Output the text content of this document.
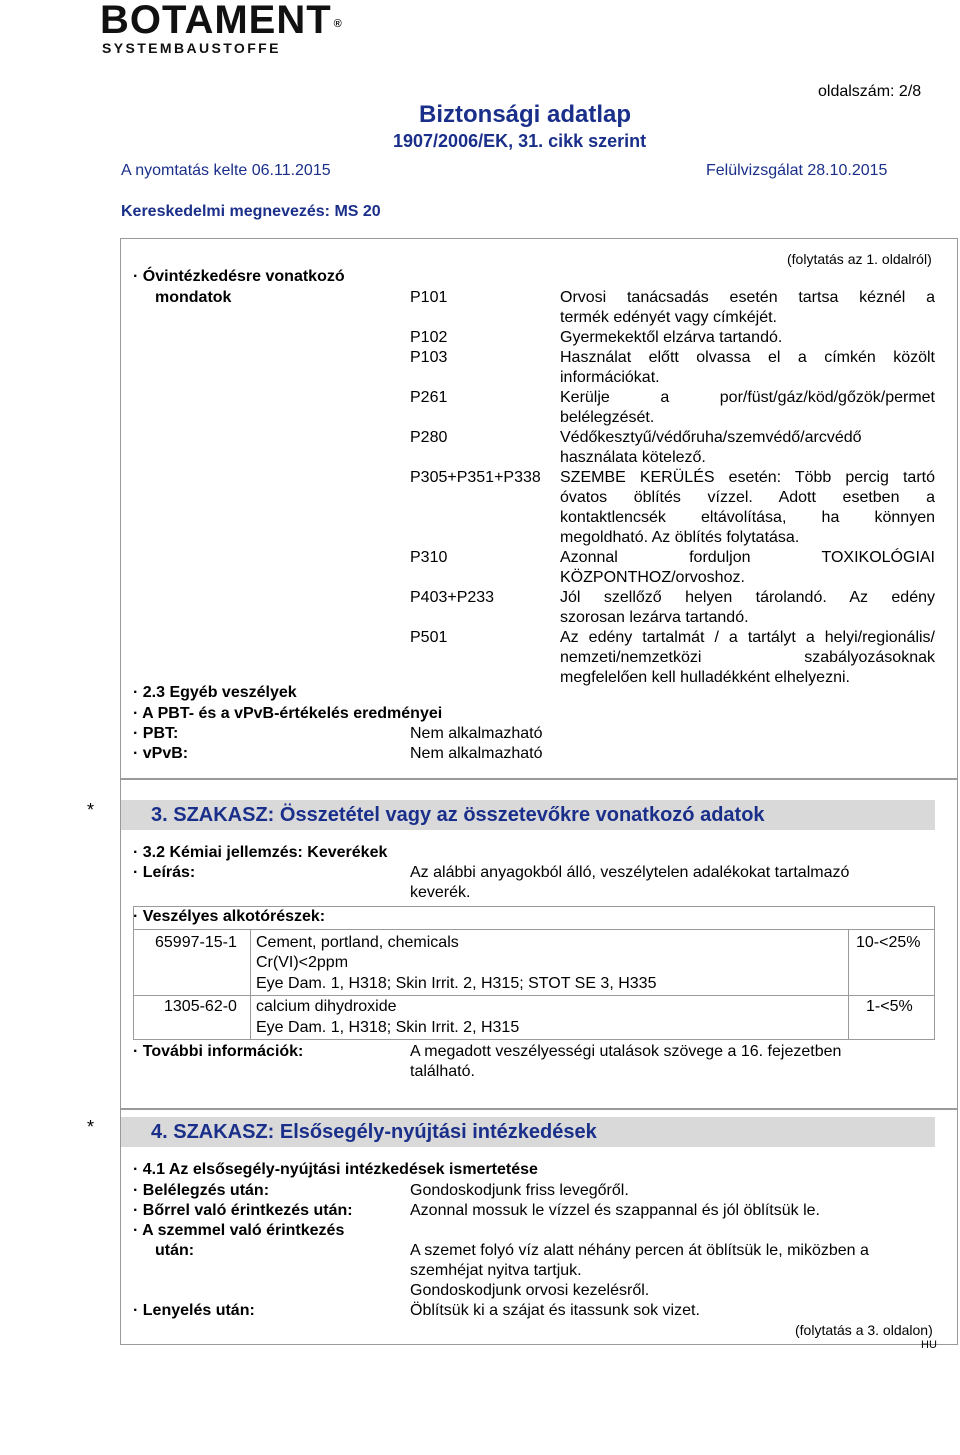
BOTAMENT ®
SYSTEMBAUSTOFFE
oldalszám: 2/8
Biztonsági adatlap
1907/2006/EK, 31. cikk szerint
A nyomtatás kelte 06.11.2015	Felülvizsgálat 28.10.2015
Kereskedelmi megnevezés: MS 20
(folytatás az 1. oldalról)
· Óvintézkedésre vonatkozó
mondatok	P101	Orvosi tanácsadás esetén tartsa kéznél a
termék edényét vagy címkéjét.
P102	Gyermekektől elzárva tartandó.
P103	Használat előtt olvassa el a címkén közölt
információkat.
P261	Kerülje a por/füst/gáz/köd/gőzök/permet
belélegzését.
P280	Védőkesztyű/védőruha/szemvédő/arcvédő
használata kötelező.
P305+P351+P338 SZEMBE KERÜLÉS esetén: Több percig tartó
óvatos öblítés vízzel. Adott esetben a
kontaktlencsék eltávolítása, ha könnyen
megoldható. Az öblítés folytatása.
P310	Azonnal forduljon TOXIKOLÓGIAI
KÖZPONTHOZ/orvoshoz.
P403+P233	Jól szellőző helyen tárolandó. Az edény
szorosan lezárva tartandó.
P501	Az edény tartalmát / a tartályt a helyi/regionális/
nemzeti/nemzetközi szabályozásoknak
megfelelően kell hulladékként elhelyezni.
· 2.3 Egyéb veszélyek
· A PBT- és a vPvB-értékelés eredményei
· PBT:	Nem alkalmazható
· vPvB:	Nem alkalmazható
*	3. SZAKASZ: Összetétel vagy az összetevőkre vonatkozó adatok
· 3.2 Kémiai jellemzés: Keverékek
· Leírás:	Az alábbi anyagokból álló, veszélytelen adalékokat tartalmazó
keverék.
· Veszélyes alkotórészek:
65997-15-1 Cement, portland, chemicals
Cr(VI)<2ppm
Eye Dam. 1, H318; Skin Irrit. 2, H315; STOT SE 3, H335
10-<25%
1305-62-0 calcium dihydroxide
Eye Dam. 1, H318; Skin Irrit. 2, H315
1-<5%
· További információk:	A megadott veszélyességi utalások szövege a 16. fejezetben
található.
*	4. SZAKASZ: Elsősegély-nyújtási intézkedések
· 4.1 Az elsősegély-nyújtási intézkedések ismertetése
· Belélegzés után:	Gondoskodjunk friss levegőről.
· Bőrrel való érintkezés után:	Azonnal mossuk le vízzel és szappannal és jól öblítsük le.
· A szemmel való érintkezés
után:	A szemet folyó víz alatt néhány percen át öblítsük le, miközben a
szemhéjat nyitva tartjuk.
Gondoskodjunk orvosi kezelésről.
· Lenyelés után:	Öblítsük ki a szájat és itassunk sok vizet.
(folytatás a 3. oldalon)
HU
